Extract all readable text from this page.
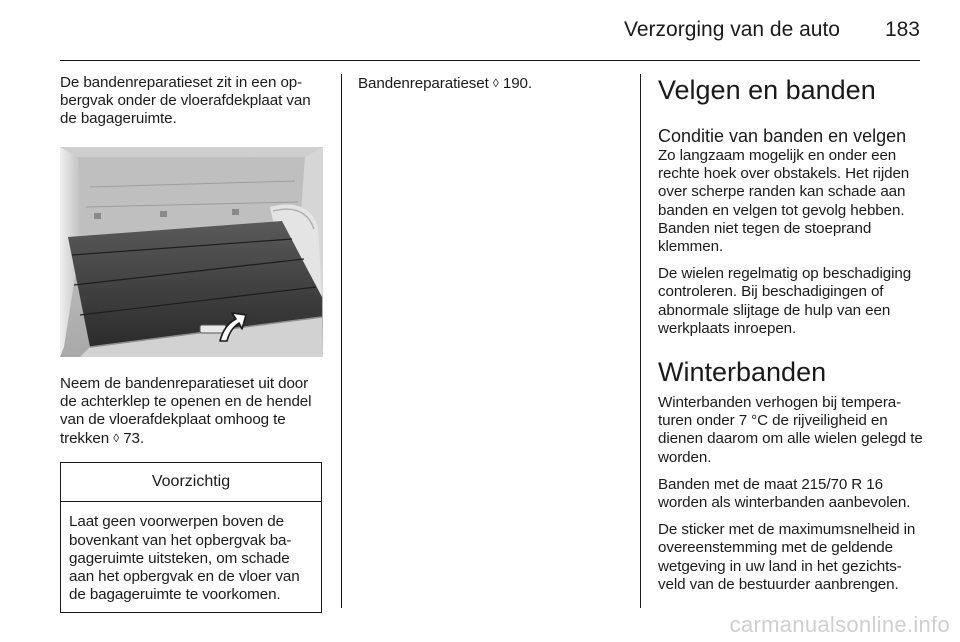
Verzorging van de auto 183

De bandenreparatieset zit in een opbergvak onder de vloerafdekplaat van de bagageruimte.

Neem de bandenreparatieset uit door de achterklep te openen en de hendel van de vloerafdekplaat omhoog te trekken ◊ 73.

Voorzichtig

Laat geen voorwerpen boven de bovenkant van het opbergvak bagageruimte uitsteken, om schade aan het opbergvak en de vloer van de bagageruimte te voorkomen.

Bandenreparatieset ◊ 190.	Velgen en banden
Conditie van banden en velgen

Zo langzaam mogelijk en onder een rechte hoek over obstakels. Het rijden over scherpe randen kan schade aan banden en velgen tot gevolg hebben. Banden niet tegen de stoeprand klemmen.

De wielen regelmatig op beschadiging controleren. Bij beschadigingen of abnormale slijtage de hulp van een werkplaats inroepen.

Winterbanden

Winterbanden verhogen bij temperaturen onder 7 °C de rijveiligheid en dienen daarom om alle wielen gelegd te worden.

Banden met de maat 215/70 R 16 worden als winterbanden aanbevolen.

De sticker met de maximumsnelheid in overeenstemming met de geldende wetgeving in uw land in het gezichtsveld van de bestuurder aanbrengen.

carmanualsonline.info
